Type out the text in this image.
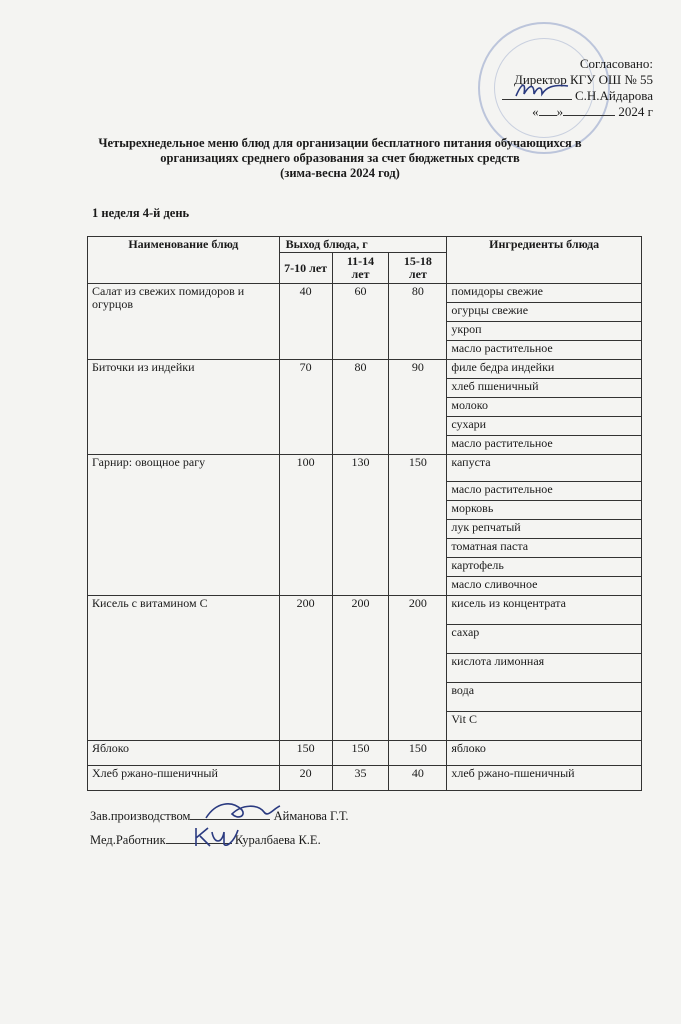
Согласовано:
Директор КГУ ОШ № 55
С.Н.Айдарова
« »	2024 г
Четырехнедельное меню блюд для организации бесплатного питания обучающихся в
организациях среднего образования за счет бюджетных средств
(зима-весна 2024 год)
1 неделя 4-й день
Наименование блюд	Выход блюда, г			Ингредиенты блюда
	7-10 лет	11-14 лет	15-18 лет	
Салат из свежих помидоров и огурцов	40	60	80	помидоры свежие
				огурцы свежие
				укроп
				масло растительное
Биточки из индейки	70	80	90	филе бедра индейки
				хлеб пшеничный
				молоко
				сухари
				масло растительное
Гарнир: овощное рагу	100	130	150	капуста
				масло растительное
				морковь
				лук репчатый
				томатная паста
				картофель
				масло сливочное
Кисель с витамином С	200	200	200	кисель из концентрата
				сахар
				кислота лимонная
				вода
				Vit C
Яблоко	150	150	150	яблоко
Хлеб ржано-пшеничный	20	35	40	хлеб ржано-пшеничный
Зав.производством	Айманова Г.Т.
Мед.Работник	Куралбаева К.Е.
